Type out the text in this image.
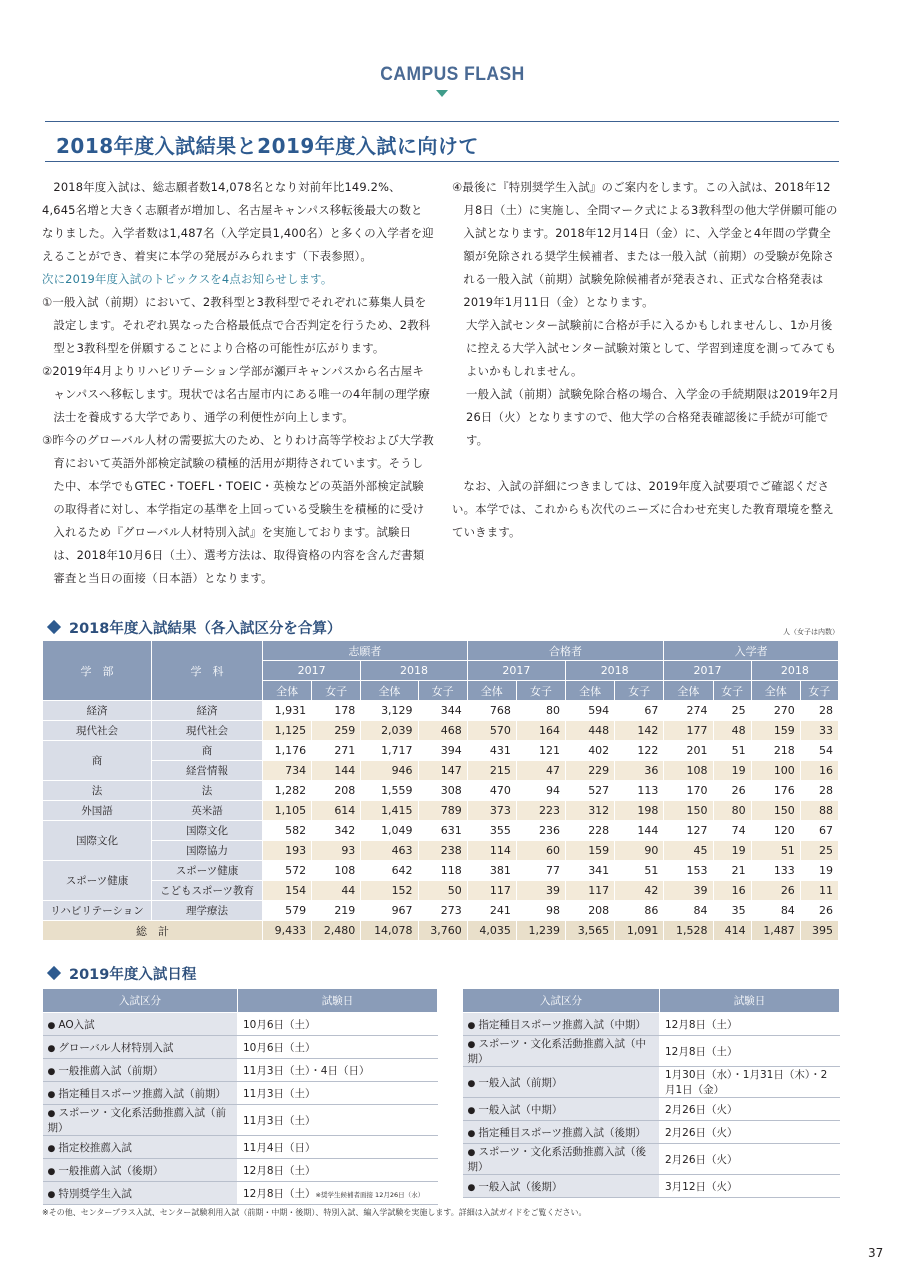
CAMPUS FLASH
2018年度入試結果と2019年度入試に向けて

2018年度入試は、総志願者数14,078名となり対前年比149.2%、4,645名増と大きく志願者が増加し、名古屋キャンパス移転後最大の数となりました。入学者数は1,487名（入学定員1,400名）と多くの入学者を迎えることができ、着実に本学の発展がみられます（下表参照）。

次に2019年度入試のトピックスを4点お知らせします。

①一般入試（前期）において、2教科型と3教科型でそれぞれに募集人員を設定します。それぞれ異なった合格最低点で合否判定を行うため、2教科型と3教科型を併願することにより合格の可能性が広がります。

②2019年4月よりリハビリテーション学部が瀬戸キャンパスから名古屋キャンパスへ移転します。現状では名古屋市内にある唯一の4年制の理学療法士を養成する大学であり、通学の利便性が向上します。

③昨今のグローバル人材の需要拡大のため、とりわけ高等学校および大学教育において英語外部検定試験の積極的活用が期待されています。そうした中、本学でもGTEC・TOEFL・TOEIC・英検などの英語外部検定試験の取得者に対し、本学指定の基準を上回っている受験生を積極的に受け入れるため『グローバル人材特別入試』を実施しております。試験日は、2018年10月6日（土）、選考方法は、取得資格の内容を含んだ書類審査と当日の面接（日本語）となります。

④最後に『特別奨学生入試』のご案内をします。この入試は、2018年12月8日（土）に実施し、全問マーク式による3教科型の他大学併願可能の入試となります。2018年12月14日（金）に、入学金と4年間の学費全額が免除される奨学生候補者、または一般入試（前期）の受験が免除される一般入試（前期）試験免除候補者が発表され、正式な合格発表は2019年1月11日（金）となります。

大学入試センター試験前に合格が手に入るかもしれませんし、1か月後に控える大学入試センター試験対策として、学習到達度を測ってみてもよいかもしれません。

一般入試（前期）試験免除合格の場合、入学金の手続期限は2019年2月26日（火）となりますので、他大学の合格発表確認後に手続が可能です。

なお、入試の詳細につきましては、2019年度入試要項でご確認ください。本学では、これからも次代のニーズに合わせ充実した教育環境を整えていきます。

2018年度入試結果（各入試区分を合算）	人（女子は内数）
学　部	学　科	志願者				合格者				入学者			
		2017		2018		2017		2018		2017		2018	
		全体	女子	全体	女子	全体	女子	全体	女子	全体	女子	全体	女子
経済	経済	1,931	178	3,129	344	768	80	594	67	274	25	270	28
現代社会	現代社会	1,125	259	2,039	468	570	164	448	142	177	48	159	33
商	商	1,176	271	1,717	394	431	121	402	122	201	51	218	54
	経営情報	734	144	946	147	215	47	229	36	108	19	100	16
法	法	1,282	208	1,559	308	470	94	527	113	170	26	176	28
外国語	英米語	1,105	614	1,415	789	373	223	312	198	150	80	150	88
国際文化	国際文化	582	342	1,049	631	355	236	228	144	127	74	120	67
	国際協力	193	93	463	238	114	60	159	90	45	19	51	25
スポーツ健康	スポーツ健康	572	108	642	118	381	77	341	51	153	21	133	19
	こどもスポーツ教育	154	44	152	50	117	39	117	42	39	16	26	11
リハビリテーション	理学療法	579	219	967	273	241	98	208	86	84	35	84	26
総　計		9,433	2,480	14,078	3,760	4,035	1,239	3,565	1,091	1,528	414	1,487	395
2019年度入試日程
入試区分	試験日
● AO入試	10月6日（土）
● グローバル人材特別入試	10月6日（土）
● 一般推薦入試（前期）	11月3日（土）・4日（日）
● 指定種目スポーツ推薦入試（前期）	11月3日（土）
● スポーツ・文化系活動推薦入試（前期）	11月3日（土）
● 指定校推薦入試	11月4日（日）
● 一般推薦入試（後期）	12月8日（土）
● 特別奨学生入試	12月8日（土）※奨学生候補者面接 12月26日（水）
入試区分	試験日
● 指定種目スポーツ推薦入試（中期）	12月8日（土）
● スポーツ・文化系活動推薦入試（中期）	12月8日（土）
● 一般入試（前期）	1月30日（水）・1月31日（木）・2月1日（金）
● 一般入試（中期）	2月26日（火）
● 指定種目スポーツ推薦入試（後期）	2月26日（火）
● スポーツ・文化系活動推薦入試（後期）	2月26日（火）
● 一般入試（後期）	3月12日（火）
※その他、センタープラス入試、センター試験利用入試（前期・中期・後期）、特別入試、編入学試験を実施します。詳細は入試ガイドをご覧ください。
37
